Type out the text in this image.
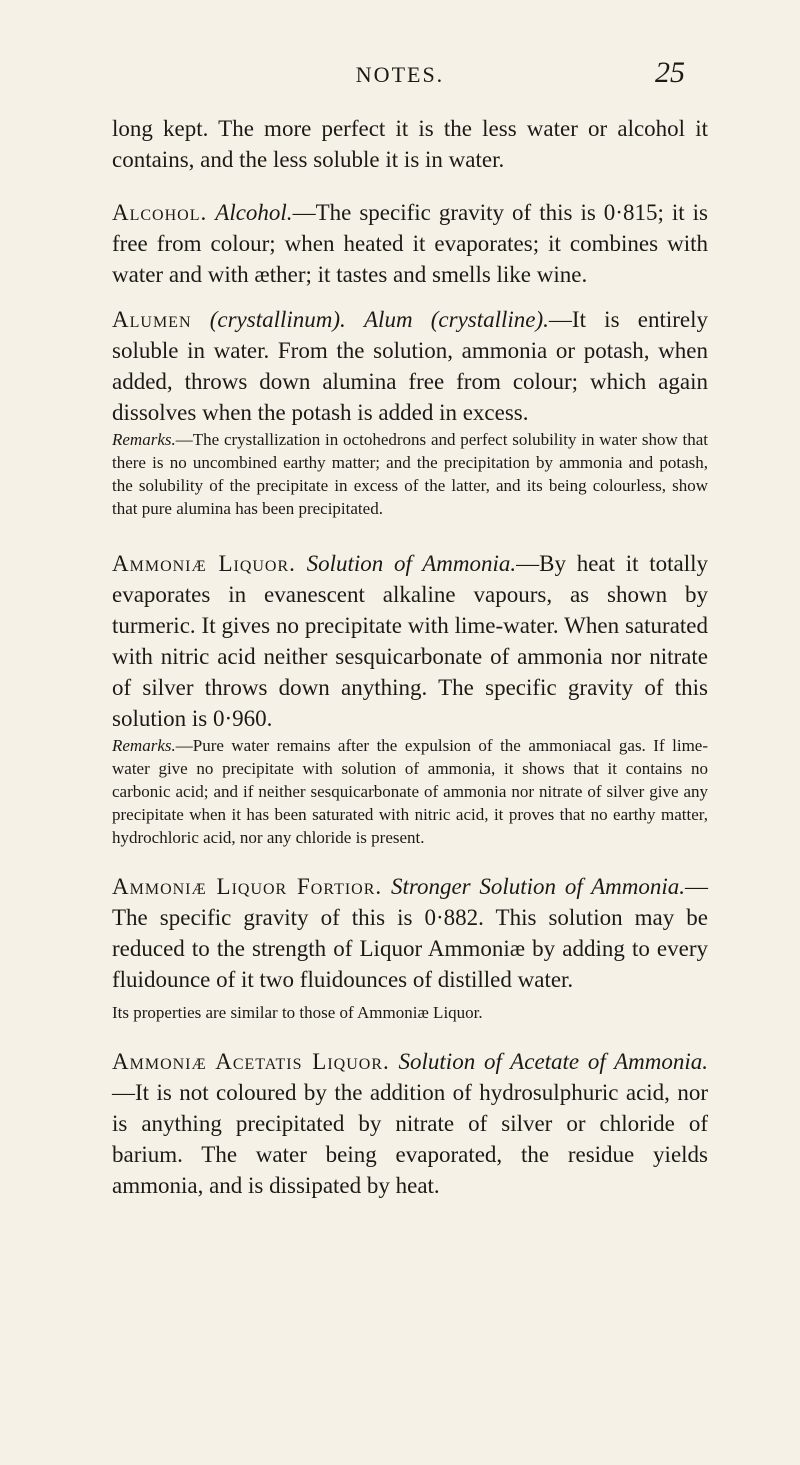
NOTES.	25

long kept. The more perfect it is the less water or alcohol it contains, and the less soluble it is in water.

Alcohol. Alcohol.—The specific gravity of this is 0·815; it is free from colour; when heated it evaporates; it combines with water and with æther; it tastes and smells like wine.

Alumen (crystallinum). Alum (crystalline).—It is entirely soluble in water. From the solution, ammonia or potash, when added, throws down alumina free from colour; which again dissolves when the potash is added in excess.

Remarks.—The crystallization in octohedrons and perfect solubility in water show that there is no uncombined earthy matter; and the precipitation by ammonia and potash, the solubility of the precipitate in excess of the latter, and its being colourless, show that pure alumina has been precipitated.

Ammoniæ Liquor. Solution of Ammonia.—By heat it totally evaporates in evanescent alkaline vapours, as shown by turmeric. It gives no precipitate with lime-water. When saturated with nitric acid neither sesquicarbonate of ammonia nor nitrate of silver throws down anything. The specific gravity of this solution is 0·960.

Remarks.—Pure water remains after the expulsion of the ammoniacal gas. If lime-water give no precipitate with solution of ammonia, it shows that it contains no carbonic acid; and if neither sesquicarbonate of ammonia nor nitrate of silver give any precipitate when it has been saturated with nitric acid, it proves that no earthy matter, hydrochloric acid, nor any chloride is present.

Ammoniæ Liquor Fortior. Stronger Solution of Ammonia.—The specific gravity of this is 0·882. This solution may be reduced to the strength of Liquor Ammoniæ by adding to every fluidounce of it two fluidounces of distilled water.

Its properties are similar to those of Ammoniæ Liquor.

Ammoniæ Acetatis Liquor. Solution of Acetate of Ammonia.—It is not coloured by the addition of hydrosulphuric acid, nor is anything precipitated by nitrate of silver or chloride of barium. The water being evaporated, the residue yields ammonia, and is dissipated by heat.
